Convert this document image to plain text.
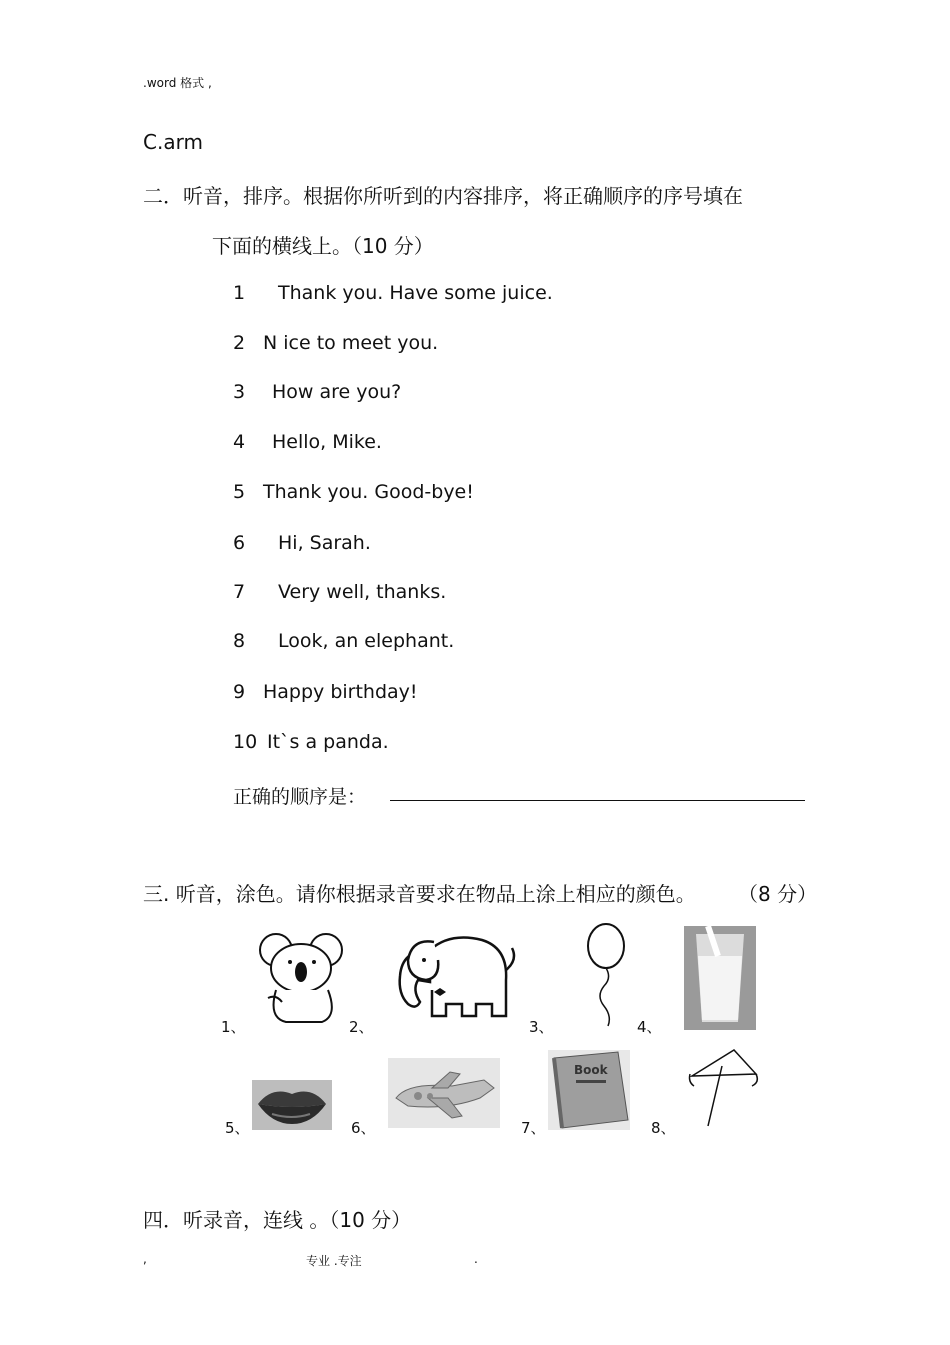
.word 格式 ,
C.arm
二．听音，排序。根据你所听到的内容排序，将正确顺序的序号填在
下面的横线上。（10 分）
1 Thank you. Have some juice.
2 N ice to meet you.
3 How are you?
4 Hello, Mike.
5 Thank you. Good-bye!
6 Hi, Sarah.
7 Very well, thanks.
8 Look, an elephant.
9 Happy birthday!
10 It`s a panda.
正确的顺序是：
三. 听音，涂色。请你根据录音要求在物品上涂上相应的颜色。 （8 分）
1、	2、	3、	4、
5、	6、	7、	8、
Book
四．听录音，连线 。（10 分）
,	专业 .专注	.
